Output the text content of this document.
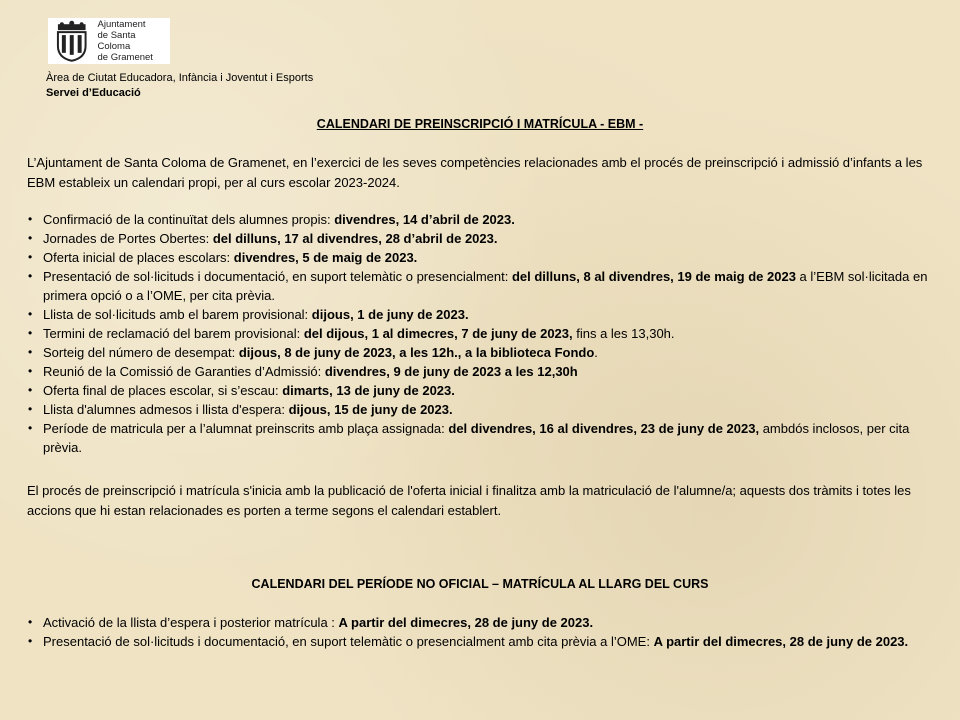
Ajuntament
de Santa Coloma
de Gramenet
Àrea de Ciutat Educadora, Infància i Joventut i Esports
Servei d’Educació
CALENDARI DE PREINSCRIPCIÓ I MATRÍCULA - EBM -
L’Ajuntament de Santa Coloma de Gramenet, en l’exercici de les seves competències relacionades amb el procés de preinscripció i admissió d’infants a les EBM estableix un calendari propi, per al curs escolar 2023-2024.
• Confirmació de la continuïtat dels alumnes propis: divendres, 14 d’abril de 2023.
• Jornades de Portes Obertes: del dilluns, 17 al divendres, 28 d’abril de 2023.
• Oferta inicial de places escolars: divendres, 5 de maig de 2023.
• Presentació de sol·licituds i documentació, en suport telemàtic o presencialment: del dilluns, 8 al divendres, 19 de maig de 2023 a l’EBM sol·licitada en primera opció o a l’OME, per cita prèvia.
• Llista de sol·licituds amb el barem provisional: dijous, 1 de juny de 2023.
• Termini de reclamació del barem provisional: del dijous, 1 al dimecres, 7 de juny de 2023, fins a les 13,30h.
• Sorteig del número de desempat: dijous, 8 de juny de 2023, a les 12h., a la biblioteca Fondo.
• Reunió de la Comissió de Garanties d’Admissió: divendres, 9 de juny de 2023 a les 12,30h
• Oferta final de places escolar, si s’escau: dimarts, 13 de juny de 2023.
• Llista d'alumnes admesos i llista d'espera: dijous, 15 de juny de 2023.
• Període de matricula per a l’alumnat preinscrits amb plaça assignada: del divendres, 16 al divendres, 23 de juny de 2023, ambdós inclosos, per cita prèvia.
El procés de preinscripció i matrícula s'inicia amb la publicació de l'oferta inicial i finalitza amb la matriculació de l'alumne/a; aquests dos tràmits i totes les accions que hi estan relacionades es porten a terme segons el calendari establert.
CALENDARI DEL PERÍODE NO OFICIAL – MATRÍCULA AL LLARG DEL CURS
• Activació de la llista d’espera i posterior matrícula : A partir del dimecres, 28 de juny de 2023.
• Presentació de sol·licituds i documentació, en suport telemàtic o presencialment amb cita prèvia a l’OME: A partir del dimecres, 28 de juny de 2023.
